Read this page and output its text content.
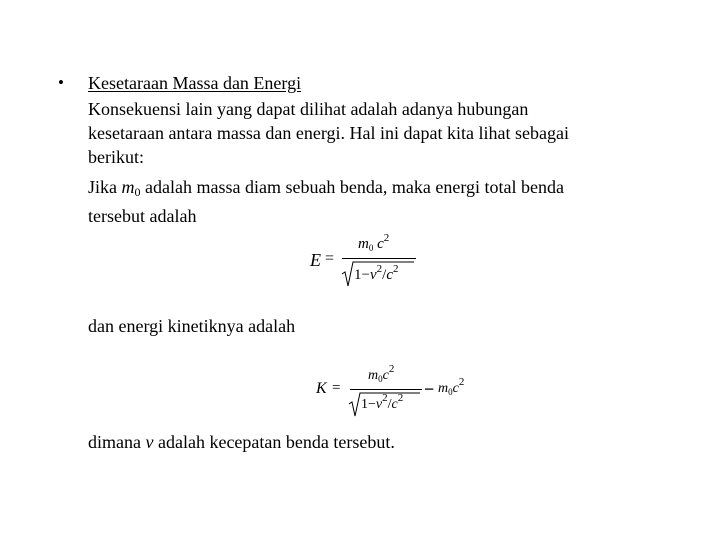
• Kesetaraan Massa dan Energi
Konsekuensi lain yang dapat dilihat adalah adanya hubungan
kesetaraan antara massa dan energi. Hal ini dapat kita lihat sebagai
berikut:
Jika m0 adalah massa diam sebuah benda, maka energi total benda
tersebut adalah
E =
$m_0$ $c^2$
$1-v^2/c^2$
dan energi kinetiknya adalah
K =
$m_0c^2$
$1-v^2/c^2 - m_0c^2$
dimana v adalah kecepatan benda tersebut.
